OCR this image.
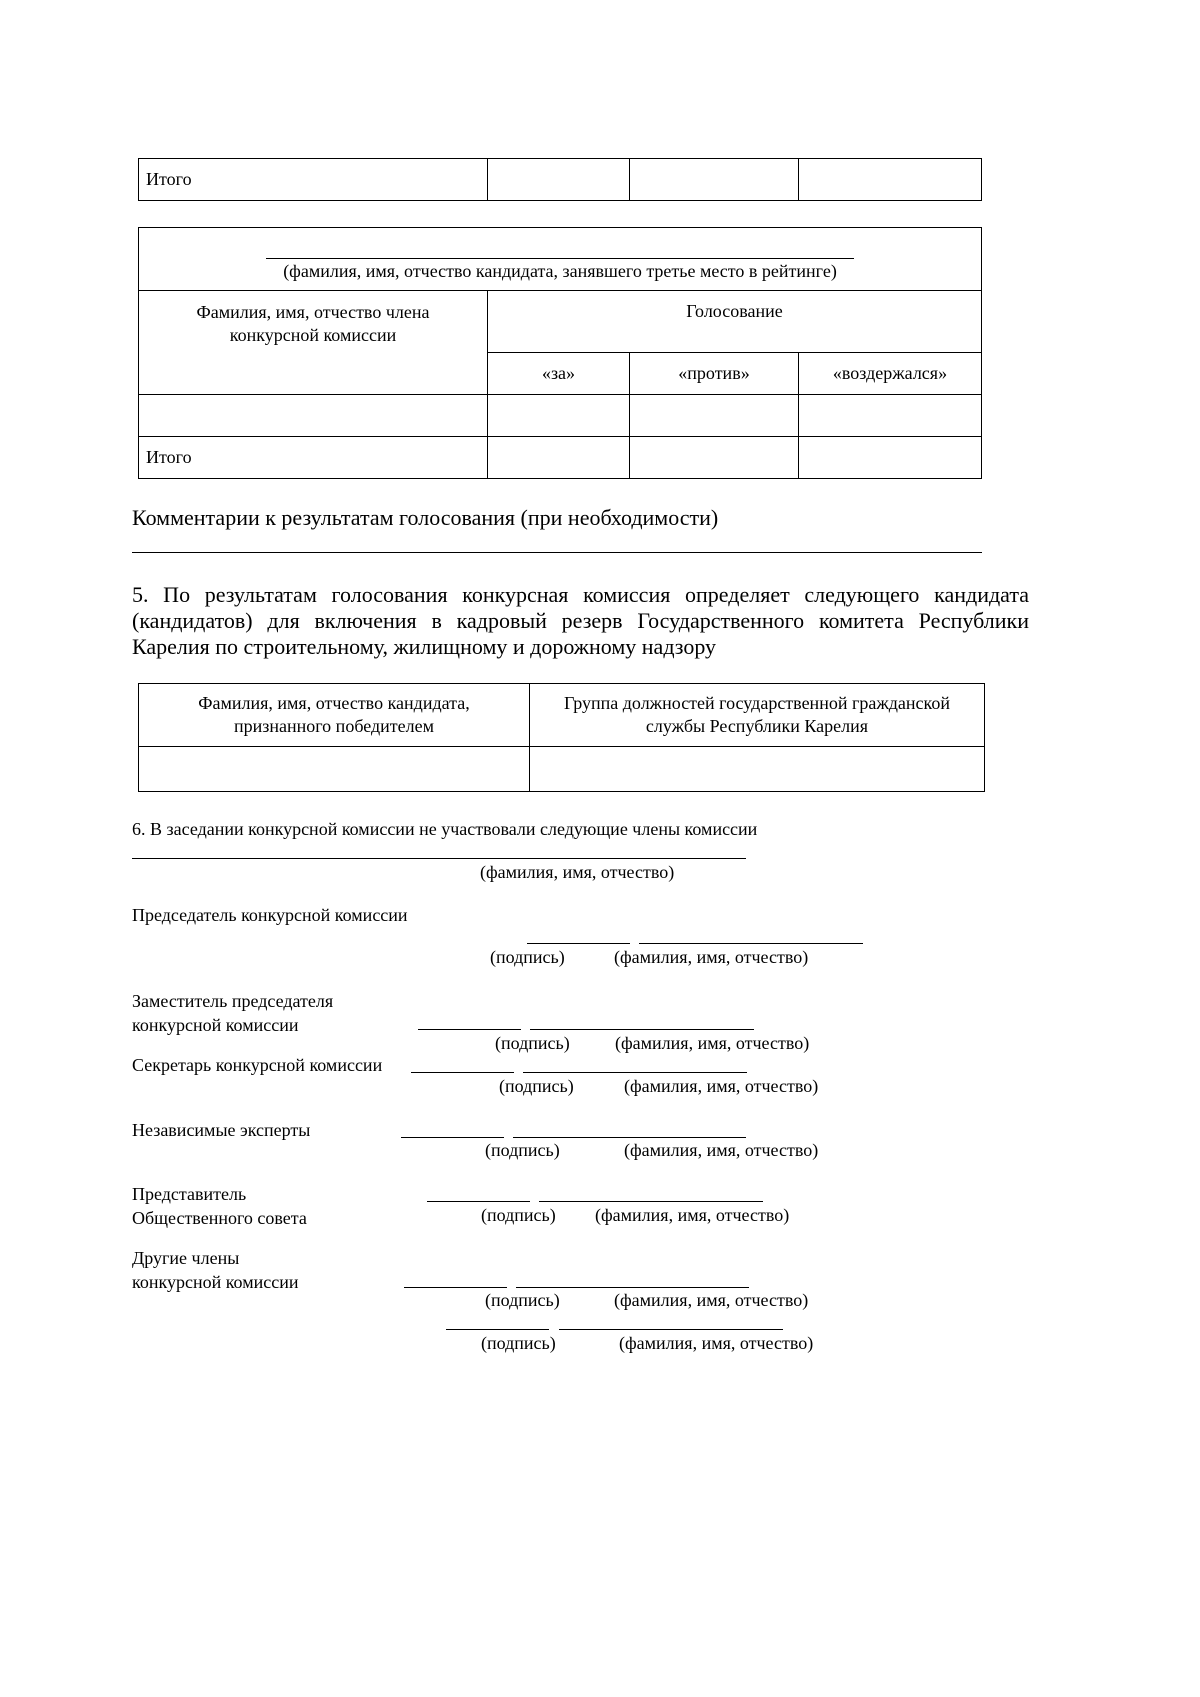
Итого			
(фамилия, имя, отчество кандидата, занявшего третье место в рейтинге)			

Фамилия, имя, отчество члена конкурсной комиссии	Голосование		
	«за»	«против»	«воздержался»

Итого			
Комментарии к результатам голосования (при необходимости)
5. По результатам голосования конкурсная комиссия определяет следующего кандидата (кандидатов) для включения в кадровый резерв Государственного комитета Республики Карелия по строительному, жилищному и дорожному надзору
Фамилия, имя, отчество кандидата, признанного победителем	Группа должностей государственной гражданской службы Республики Карелия

6. В заседании конкурсной комиссии не участвовали следующие члены комиссии
(фамилия, имя, отчество)
Председатель конкурсной комиссии
(подпись)	(фамилия, имя, отчество)
Заместитель председателя конкурсной комиссии
(подпись)	(фамилия, имя, отчество)
Секретарь конкурсной комиссии
(подпись)	(фамилия, имя, отчество)
Независимые эксперты
(подпись)	(фамилия, имя, отчество)
Представитель Общественного совета	(подпись) (фамилия, имя, отчество)
Другие члены конкурсной комиссии
(подпись)	(фамилия, имя, отчество)
(подпись)	(фамилия, имя, отчество)
